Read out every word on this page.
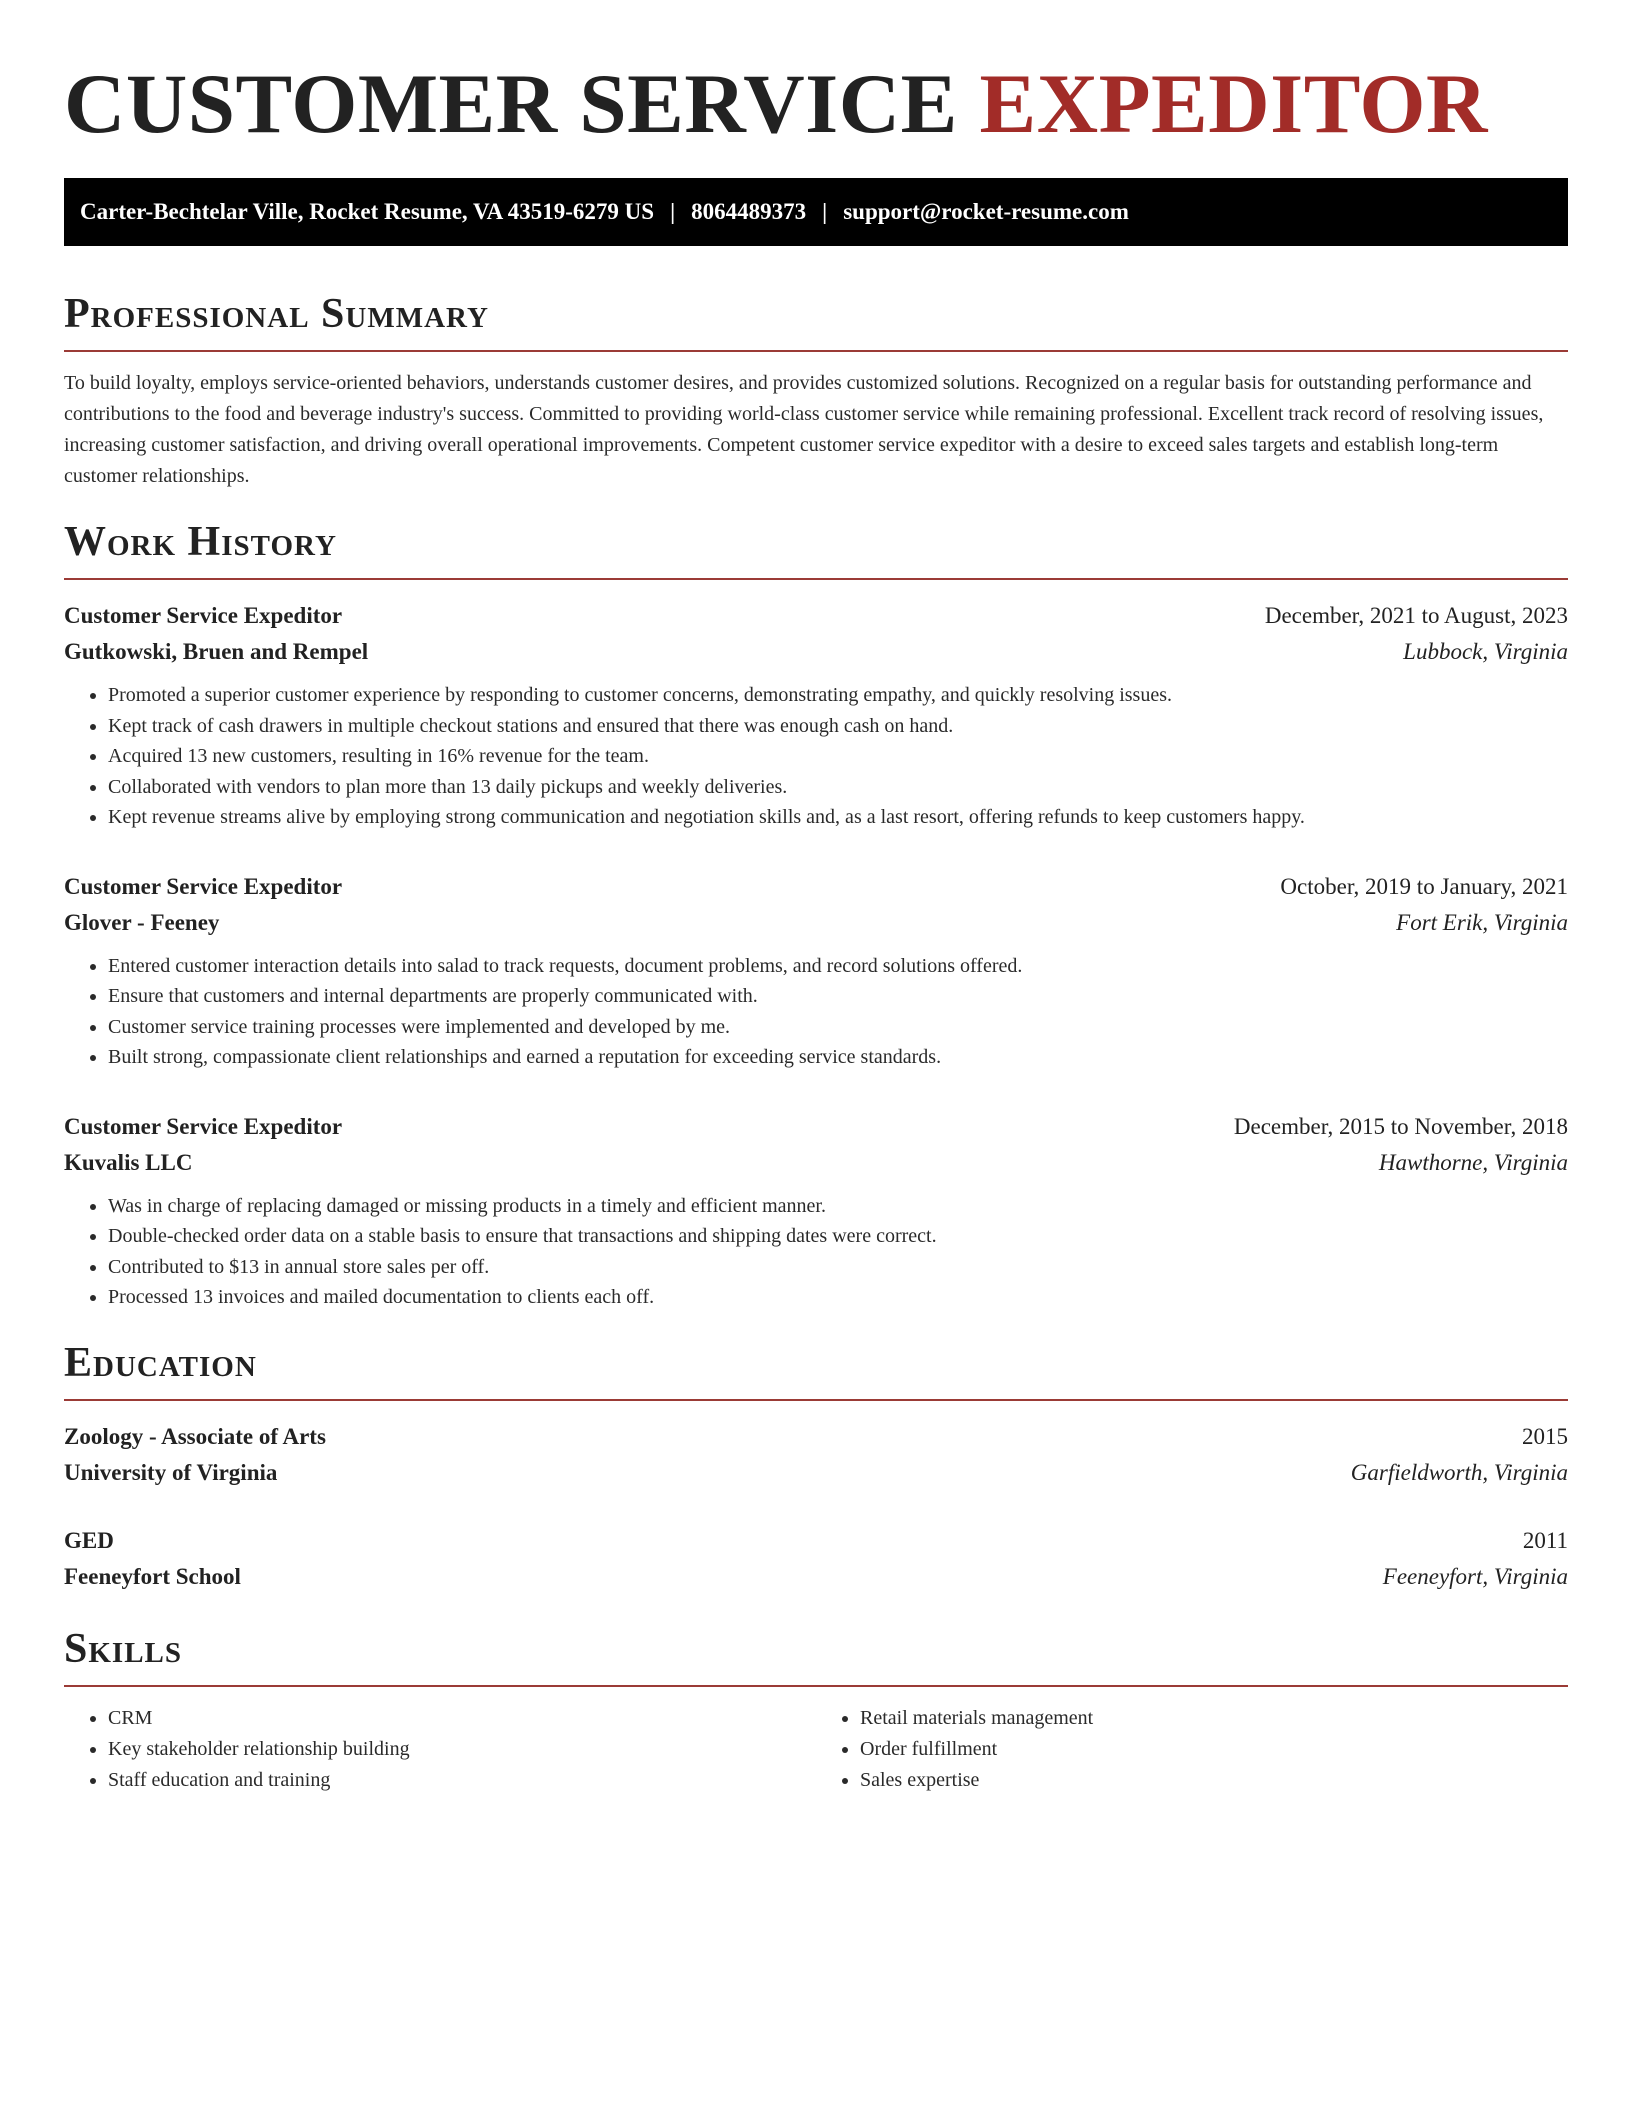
CUSTOMER SERVICE EXPEDITOR
Carter-Bechtelar Ville, Rocket Resume, VA 43519-6279 US | 8064489373 | support@rocket-resume.com
Professional Summary

To build loyalty, employs service-oriented behaviors, understands customer desires, and provides customized solutions. Recognized on a regular basis for outstanding performance and contributions to the food and beverage industry's success. Committed to providing world-class customer service while remaining professional. Excellent track record of resolving issues, increasing customer satisfaction, and driving overall operational improvements. Competent customer service expeditor with a desire to exceed sales targets and establish long-term customer relationships.

Work History
Customer Service Expeditor	December, 2021 to August, 2023
Gutkowski, Bruen and Rempel	Lubbock, Virginia
• Promoted a superior customer experience by responding to customer concerns, demonstrating empathy, and quickly resolving issues.
• Kept track of cash drawers in multiple checkout stations and ensured that there was enough cash on hand.
• Acquired 13 new customers, resulting in 16% revenue for the team.
• Collaborated with vendors to plan more than 13 daily pickups and weekly deliveries.
• Kept revenue streams alive by employing strong communication and negotiation skills and, as a last resort, offering refunds to keep customers happy.
Customer Service Expeditor	October, 2019 to January, 2021
Glover - Feeney	Fort Erik, Virginia
• Entered customer interaction details into salad to track requests, document problems, and record solutions offered.
• Ensure that customers and internal departments are properly communicated with.
• Customer service training processes were implemented and developed by me.
• Built strong, compassionate client relationships and earned a reputation for exceeding service standards.
Customer Service Expeditor	December, 2015 to November, 2018
Kuvalis LLC	Hawthorne, Virginia
• Was in charge of replacing damaged or missing products in a timely and efficient manner.
• Double-checked order data on a stable basis to ensure that transactions and shipping dates were correct.
• Contributed to $13 in annual store sales per off.
• Processed 13 invoices and mailed documentation to clients each off.
Education
Zoology - Associate of Arts	2015
University of Virginia	Garfieldworth, Virginia
GED	2011
Feeneyfort School	Feeneyfort, Virginia
Skills
• CRM
• Key stakeholder relationship building
• Staff education and training
• Retail materials management
• Order fulfillment
• Sales expertise
